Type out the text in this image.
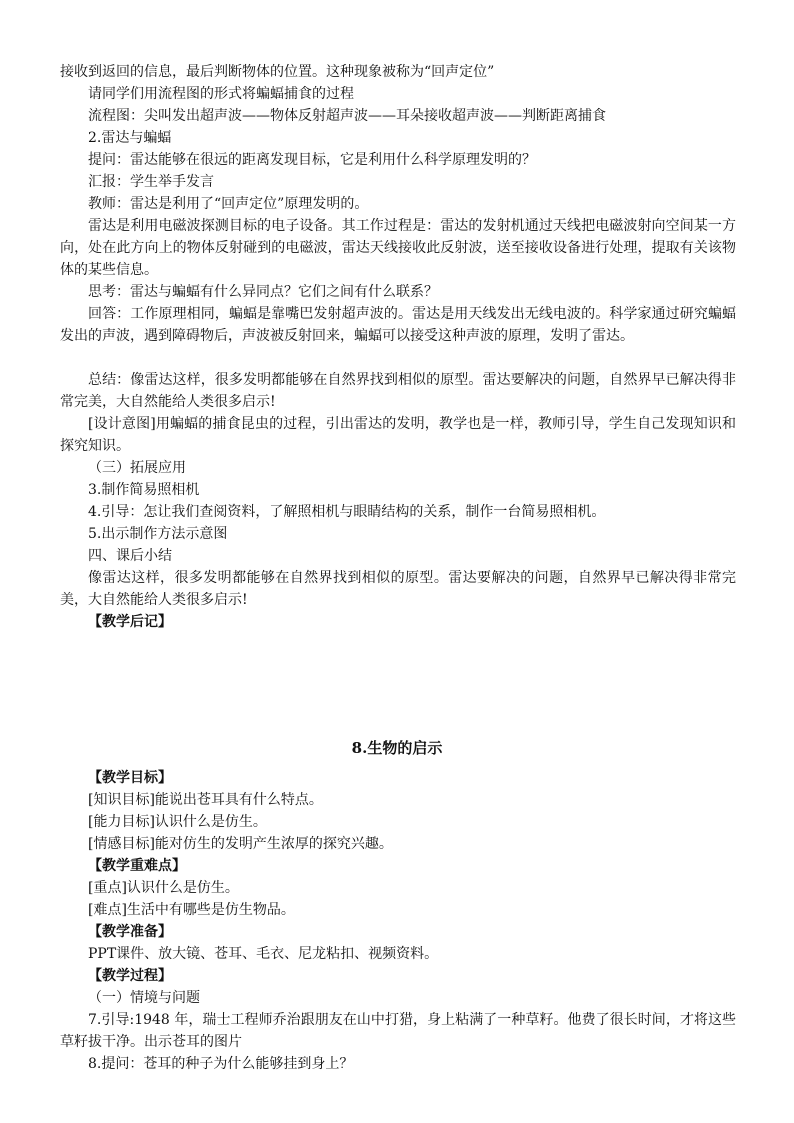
接收到返回的信息，最后判断物体的位置。这种现象被称为“回声定位”

请同学们用流程图的形式将蝙蝠捕食的过程

流程图：尖叫发出超声波——物体反射超声波——耳朵接收超声波——判断距离捕食

2.雷达与蝙蝠

提问：雷达能够在很远的距离发现目标，它是利用什么科学原理发明的？

汇报：学生举手发言

教师：雷达是利用了“回声定位”原理发明的。

雷达是利用电磁波探测目标的电子设备。其工作过程是：雷达的发射机通过天线把电磁波射向空间某一方向，处在此方向上的物体反射碰到的电磁波，雷达天线接收此反射波，送至接收设备进行处理，提取有关该物体的某些信息。

思考：雷达与蝙蝠有什么异同点？它们之间有什么联系？

回答：工作原理相同，蝙蝠是靠嘴巴发射超声波的。雷达是用天线发出无线电波的。科学家通过研究蝙蝠发出的声波，遇到障碍物后，声波被反射回来，蝙蝠可以接受这种声波的原理，发明了雷达。

总结：像雷达这样，很多发明都能够在自然界找到相似的原型。雷达要解决的问题，自然界早已解决得非常完美，大自然能给人类很多启示!

[设计意图]用蝙蝠的捕食昆虫的过程，引出雷达的发明，教学也是一样，教师引导，学生自己发现知识和探究知识。

（三）拓展应用

3.制作简易照相机

4.引导：怎让我们查阅资料，了解照相机与眼睛结构的关系，制作一台简易照相机。

5.出示制作方法示意图

四、课后小结

像雷达这样，很多发明都能够在自然界找到相似的原型。雷达要解决的问题，自然界早已解决得非常完美，大自然能给人类很多启示!

【教学后记】

8.生物的启示

【教学目标】

[知识目标]能说出苍耳具有什么特点。

[能力目标]认识什么是仿生。

[情感目标]能对仿生的发明产生浓厚的探究兴趣。

【教学重难点】

[重点]认识什么是仿生。

[难点]生活中有哪些是仿生物品。

【教学准备】

PPT课件、放大镜、苍耳、毛衣、尼龙粘扣、视频资料。

【教学过程】

（一）情境与问题

7.引导:1948 年，瑞士工程师乔治跟朋友在山中打猎，身上粘满了一种草籽。他费了很长时间，才将这些草籽拔干净。出示苍耳的图片

8.提问：苍耳的种子为什么能够挂到身上？
